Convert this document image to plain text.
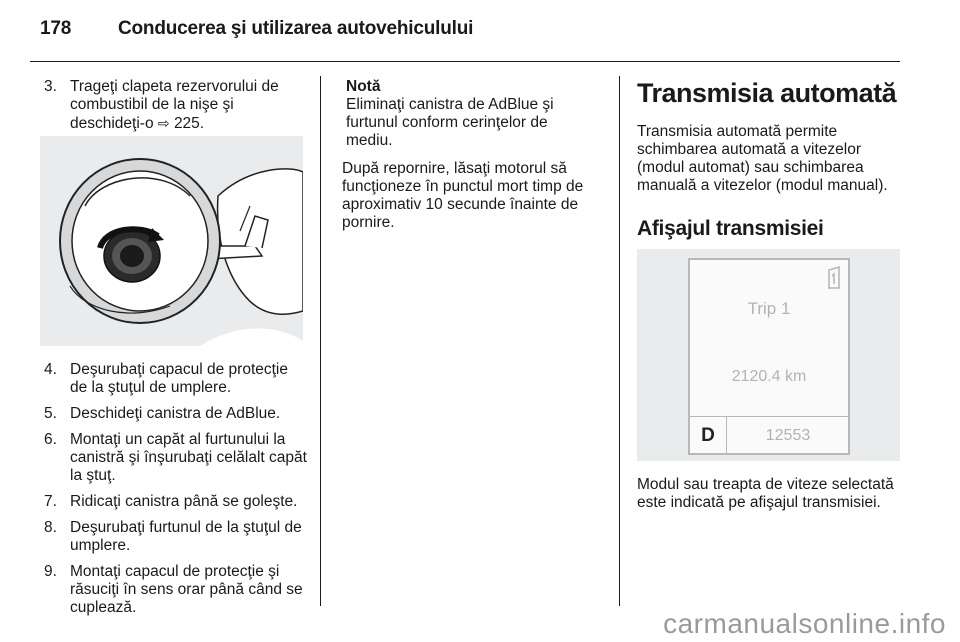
178 Conducerea şi utilizarea autovehiculului
3. Trageţi clapeta rezervorului de combustibil de la nişe şi deschideţi-o ⇨ 225.
4. Deşurubaţi capacul de protecţie de la ştuţul de umplere.
5. Deschideţi canistra de AdBlue.
6. Montaţi un capăt al furtunului la canistră şi înşurubaţi celălalt capăt la ştuţ.
7. Ridicaţi canistra până se goleşte.
8. Deşurubaţi furtunul de la ştuţul de umplere.
9. Montaţi capacul de protecţie şi răsuciţi în sens orar până când se cuplează.
Notă
Eliminaţi canistra de AdBlue şi furtunul conform cerinţelor de mediu.
După repornire, lăsaţi motorul să funcţioneze în punctul mort timp de aproximativ 10 secunde înainte de pornire.
Transmisia automată
Transmisia automată permite schimbarea automată a vitezelor (modul automat) sau schimbarea manuală a vitezelor (modul manual).
Afişajul transmisiei
Trip 1
2120.4 km
D	12553
Modul sau treapta de viteze selectată este indicată pe afişajul transmisiei.
carmanualsonline.info
